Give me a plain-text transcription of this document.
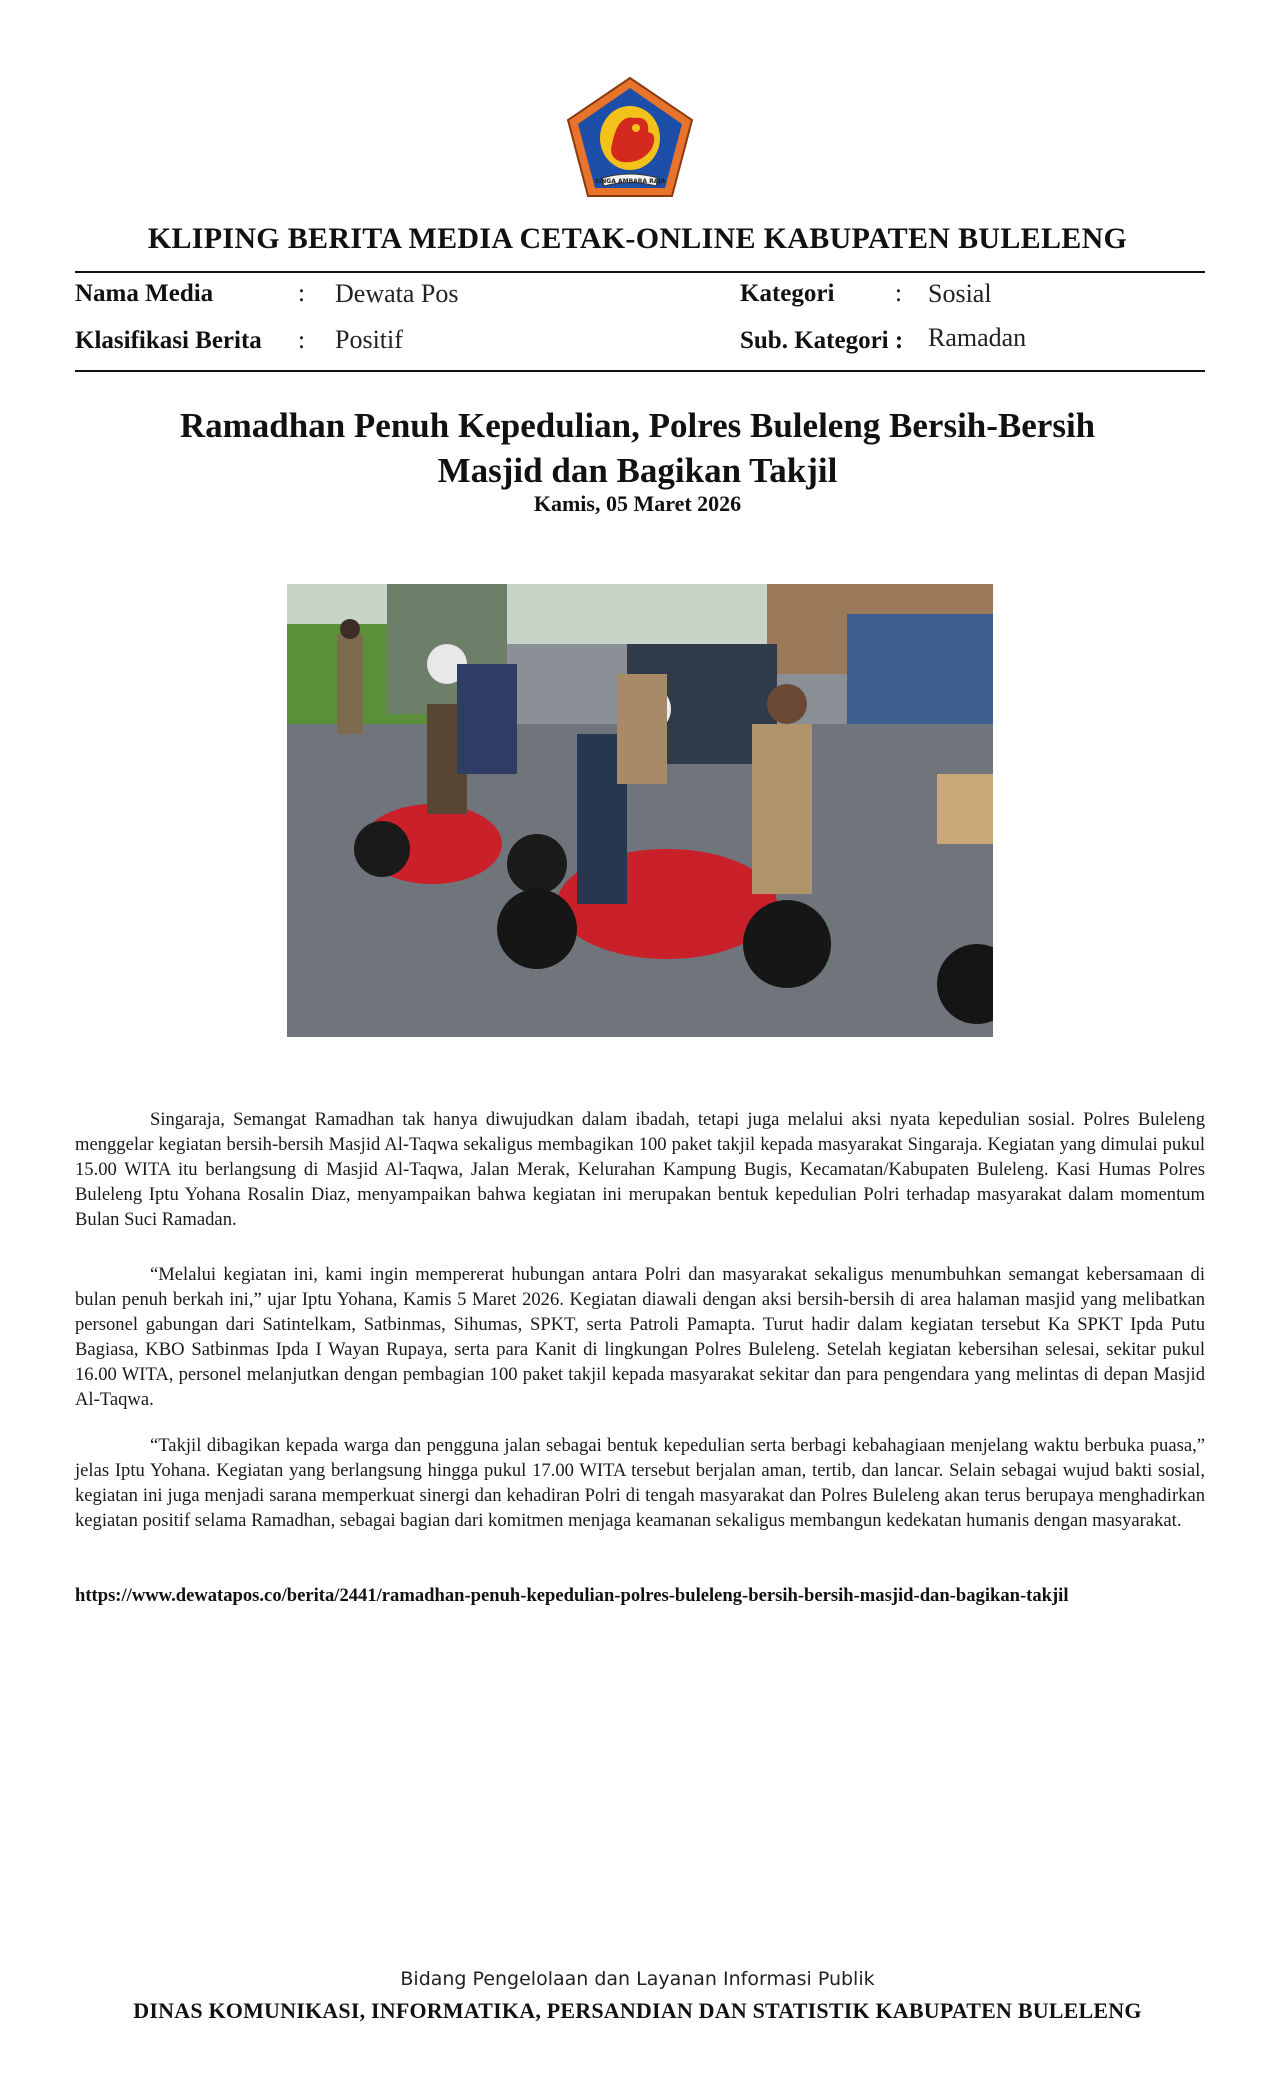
SINGA AMBARA RAJA
KLIPING BERITA MEDIA CETAK-ONLINE KABUPATEN BULELENG
Nama Media	: Dewata Pos	Kategori : Sosial
Klasifikasi Berita : Positif	Sub. Kategori : Ramadan
Ramadhan Penuh Kepedulian, Polres Buleleng Bersih-Bersih
Masjid dan Bagikan Takjil
Kamis, 05 Maret 2026
Singaraja, Semangat Ramadhan tak hanya diwujudkan dalam ibadah, tetapi juga melalui aksi nyata kepedulian sosial. Polres Buleleng menggelar kegiatan bersih-bersih Masjid Al-Taqwa sekaligus membagikan 100 paket takjil kepada masyarakat Singaraja. Kegiatan yang dimulai pukul 15.00 WITA itu berlangsung di Masjid Al-Taqwa, Jalan Merak, Kelurahan Kampung Bugis, Kecamatan/Kabupaten Buleleng. Kasi Humas Polres Buleleng Iptu Yohana Rosalin Diaz, menyampaikan bahwa kegiatan ini merupakan bentuk kepedulian Polri terhadap masyarakat dalam momentum Bulan Suci Ramadan.
“Melalui kegiatan ini, kami ingin mempererat hubungan antara Polri dan masyarakat sekaligus menumbuhkan semangat kebersamaan di bulan penuh berkah ini,” ujar Iptu Yohana, Kamis 5 Maret 2026. Kegiatan diawali dengan aksi bersih-bersih di area halaman masjid yang melibatkan personel gabungan dari Satintelkam, Satbinmas, Sihumas, SPKT, serta Patroli Pamapta. Turut hadir dalam kegiatan tersebut Ka SPKT Ipda Putu Bagiasa, KBO Satbinmas Ipda I Wayan Rupaya, serta para Kanit di lingkungan Polres Buleleng. Setelah kegiatan kebersihan selesai, sekitar pukul 16.00 WITA, personel melanjutkan dengan pembagian 100 paket takjil kepada masyarakat sekitar dan para pengendara yang melintas di depan Masjid Al-Taqwa.
“Takjil dibagikan kepada warga dan pengguna jalan sebagai bentuk kepedulian serta berbagi kebahagiaan menjelang waktu berbuka puasa,” jelas Iptu Yohana. Kegiatan yang berlangsung hingga pukul 17.00 WITA tersebut berjalan aman, tertib, dan lancar. Selain sebagai wujud bakti sosial, kegiatan ini juga menjadi sarana memperkuat sinergi dan kehadiran Polri di tengah masyarakat dan Polres Buleleng akan terus berupaya menghadirkan kegiatan positif selama Ramadhan, sebagai bagian dari komitmen menjaga keamanan sekaligus membangun kedekatan humanis dengan masyarakat.
https://www.dewatapos.co/berita/2441/ramadhan-penuh-kepedulian-polres-buleleng-bersih-bersih-masjid-dan-bagikan-takjil
Bidang Pengelolaan dan Layanan Informasi Publik
DINAS KOMUNIKASI, INFORMATIKA, PERSANDIAN DAN STATISTIK KABUPATEN BULELENG
